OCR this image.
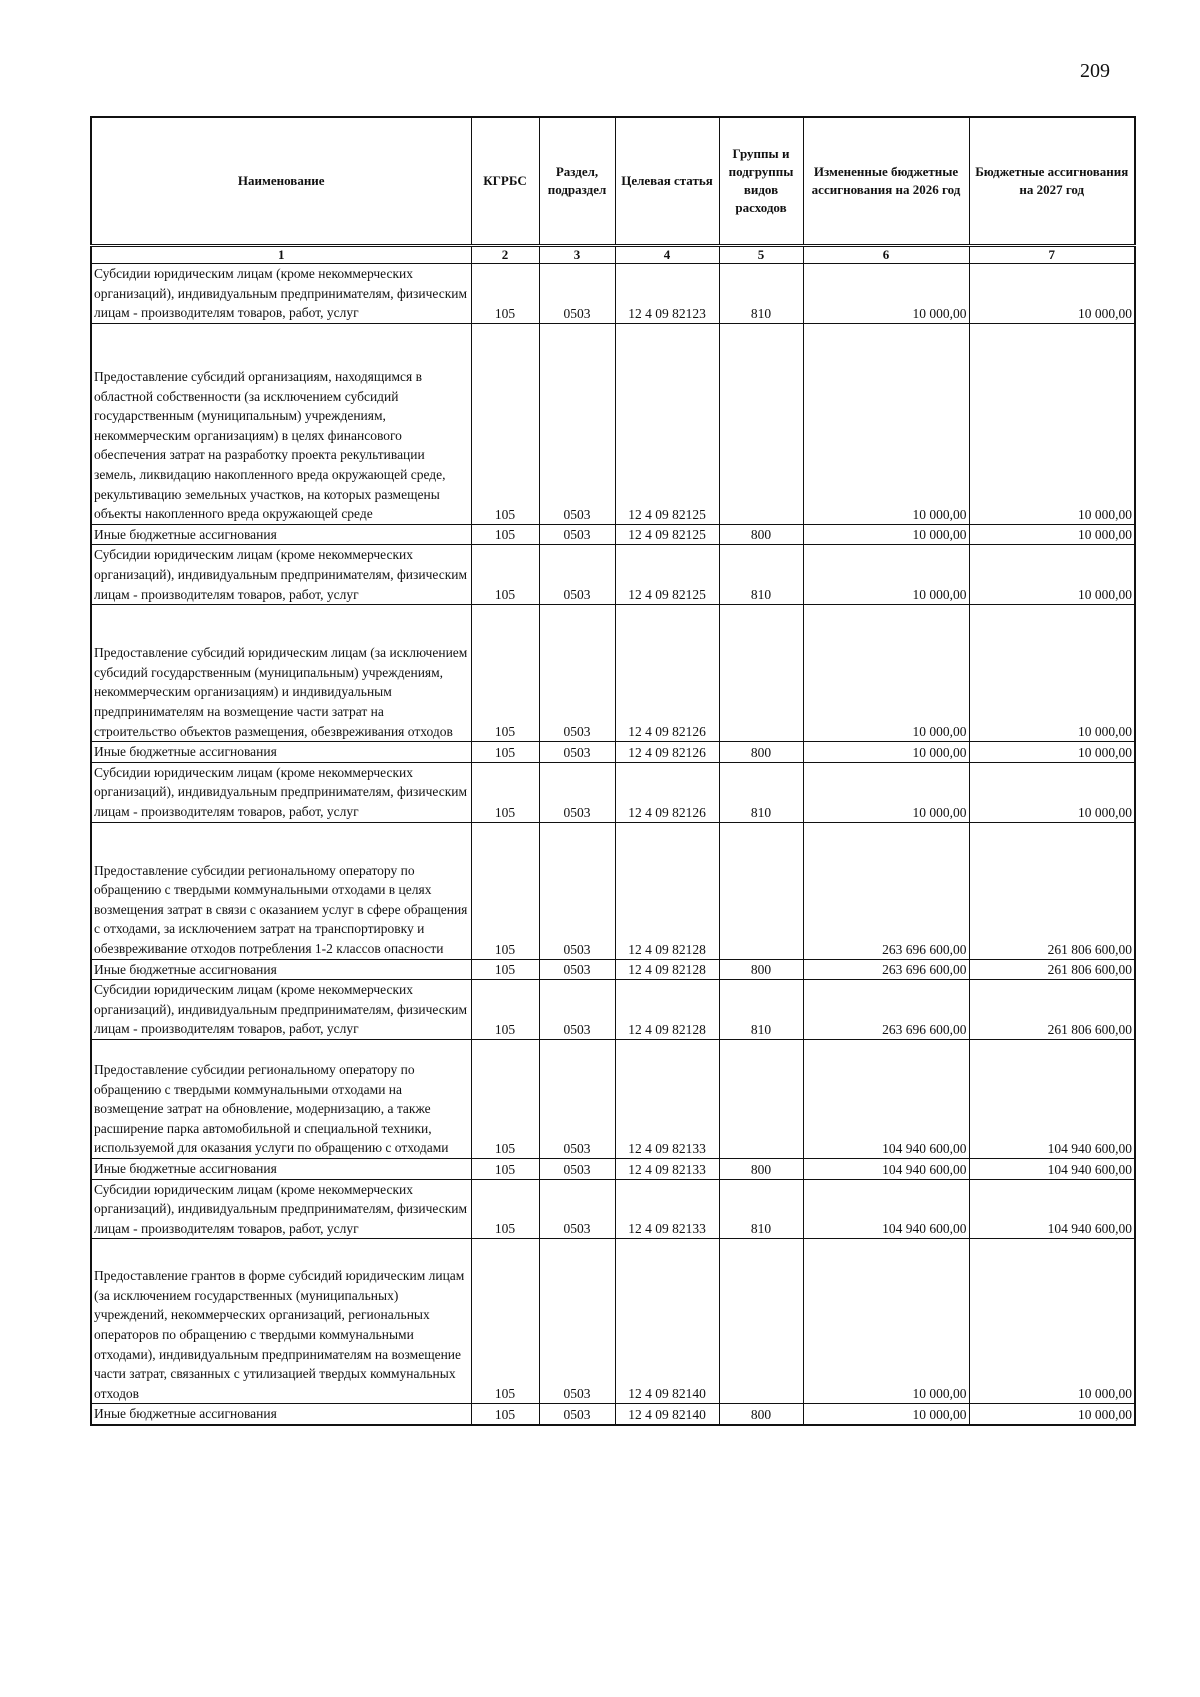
209
Наименование	КГРБС	Раздел, подраздел	Целевая статья	Группы и подгруппы видов расходов	Измененные бюджетные ассигнования на 2026 год	Бюджетные ассигнования на 2027 год
1	2	3	4	5	6	7
Субсидии юридическим лицам (кроме некоммерческих организаций), индивидуальным предпринимателям, физическим лицам - производителям товаров, работ, услуг	105	0503	12 4 09 82123	810	10 000,00	10 000,00
Предоставление субсидий организациям, находящимся в областной собственности (за исключением субсидий государственным (муниципальным) учреждениям, некоммерческим организациям) в целях финансового обеспечения затрат на разработку проекта рекультивации земель, ликвидацию накопленного вреда окружающей среде, рекультивацию земельных участков, на которых размещены объекты накопленного вреда окружающей среде	105	0503	12 4 09 82125		10 000,00	10 000,00
Иные бюджетные ассигнования	105	0503	12 4 09 82125	800	10 000,00	10 000,00
Субсидии юридическим лицам (кроме некоммерческих организаций), индивидуальным предпринимателям, физическим лицам - производителям товаров, работ, услуг	105	0503	12 4 09 82125	810	10 000,00	10 000,00
Предоставление субсидий юридическим лицам (за исключением субсидий государственным (муниципальным) учреждениям, некоммерческим организациям) и индивидуальным предпринимателям на возмещение части затрат на строительство объектов размещения, обезвреживания отходов	105	0503	12 4 09 82126		10 000,00	10 000,00
Иные бюджетные ассигнования	105	0503	12 4 09 82126	800	10 000,00	10 000,00
Субсидии юридическим лицам (кроме некоммерческих организаций), индивидуальным предпринимателям, физическим лицам - производителям товаров, работ, услуг	105	0503	12 4 09 82126	810	10 000,00	10 000,00
Предоставление субсидии региональному оператору по обращению с твердыми коммунальными отходами в целях возмещения затрат в связи с оказанием услуг в сфере обращения с отходами, за исключением затрат на транспортировку и обезвреживание отходов потребления 1-2 классов опасности	105	0503	12 4 09 82128		263 696 600,00	261 806 600,00
Иные бюджетные ассигнования	105	0503	12 4 09 82128	800	263 696 600,00	261 806 600,00
Субсидии юридическим лицам (кроме некоммерческих организаций), индивидуальным предпринимателям, физическим лицам - производителям товаров, работ, услуг	105	0503	12 4 09 82128	810	263 696 600,00	261 806 600,00
Предоставление субсидии региональному оператору по обращению с твердыми коммунальными отходами на возмещение затрат на обновление, модернизацию, а также расширение парка автомобильной и специальной техники, используемой для оказания услуги по обращению с отходами	105	0503	12 4 09 82133		104 940 600,00	104 940 600,00
Иные бюджетные ассигнования	105	0503	12 4 09 82133	800	104 940 600,00	104 940 600,00
Субсидии юридическим лицам (кроме некоммерческих организаций), индивидуальным предпринимателям, физическим лицам - производителям товаров, работ, услуг	105	0503	12 4 09 82133	810	104 940 600,00	104 940 600,00
Предоставление грантов в форме субсидий юридическим лицам (за исключением государственных (муниципальных) учреждений, некоммерческих организаций, региональных операторов по обращению с твердыми коммунальными отходами), индивидуальным предпринимателям на возмещение части затрат, связанных с утилизацией твердых коммунальных отходов	105	0503	12 4 09 82140		10 000,00	10 000,00
Иные бюджетные ассигнования	105	0503	12 4 09 82140	800	10 000,00	10 000,00
